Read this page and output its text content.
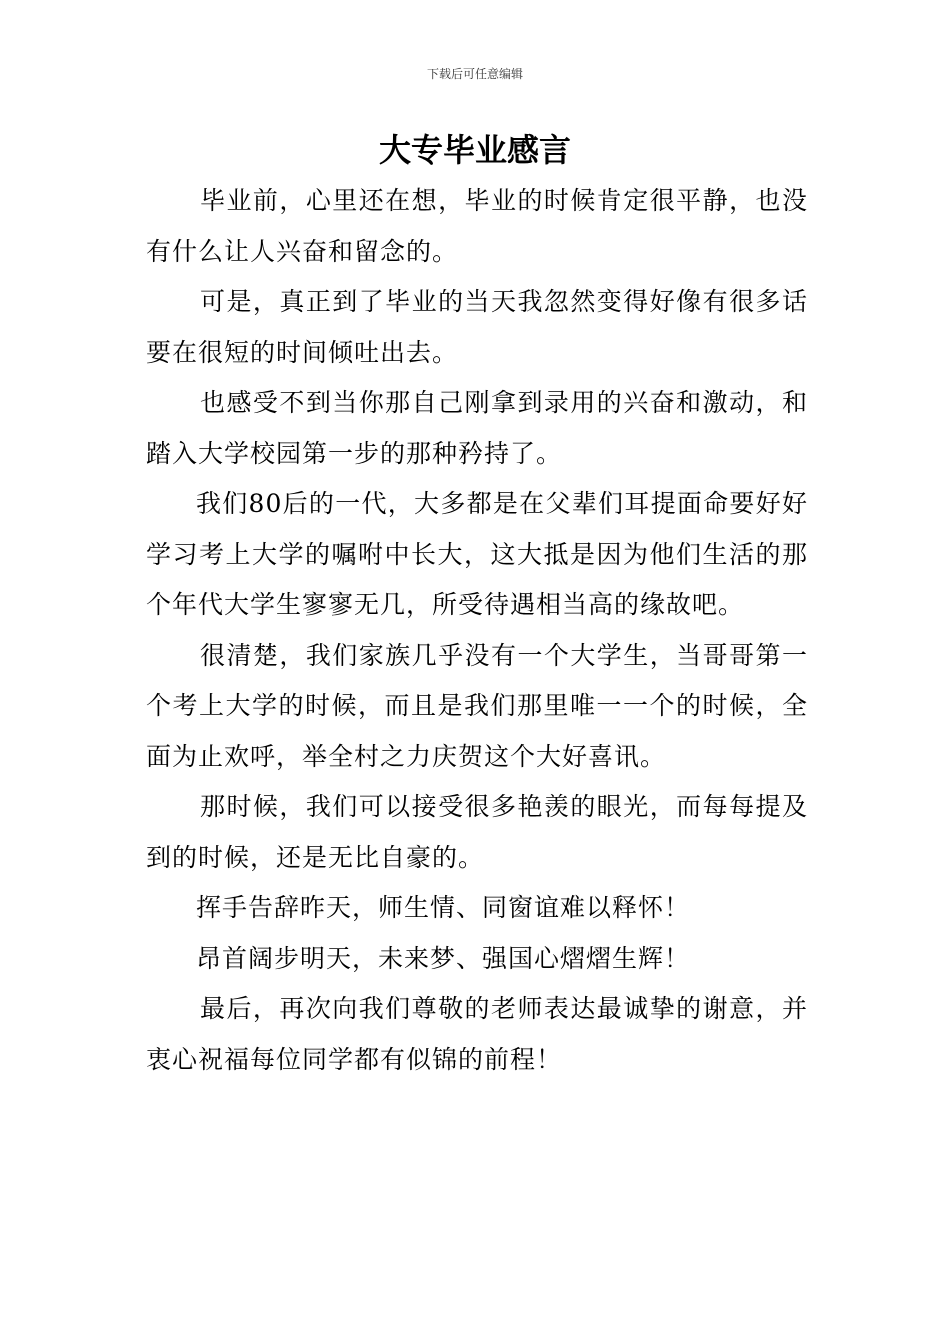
下载后可任意编辑
大专毕业感言

毕业前，心里还在想，毕业的时候肯定很平静，也没有什么让人兴奋和留念的。

可是，真正到了毕业的当天我忽然变得好像有很多话要在很短的时间倾吐出去。

也感受不到当你那自己刚拿到录用的兴奋和激动，和踏入大学校园第一步的那种矜持了。

我们80后的一代，大多都是在父辈们耳提面命要好好学习考上大学的嘱咐中长大，这大抵是因为他们生活的那个年代大学生寥寥无几，所受待遇相当高的缘故吧。

很清楚，我们家族几乎没有一个大学生，当哥哥第一个考上大学的时候，而且是我们那里唯一一个的时候，全面为止欢呼，举全村之力庆贺这个大好喜讯。

那时候，我们可以接受很多艳羡的眼光，而每每提及到的时候，还是无比自豪的。

挥手告辞昨天，师生情、同窗谊难以释怀！

昂首阔步明天，未来梦、强国心熠熠生辉！

最后，再次向我们尊敬的老师表达最诚挚的谢意，并衷心祝福每位同学都有似锦的前程！
